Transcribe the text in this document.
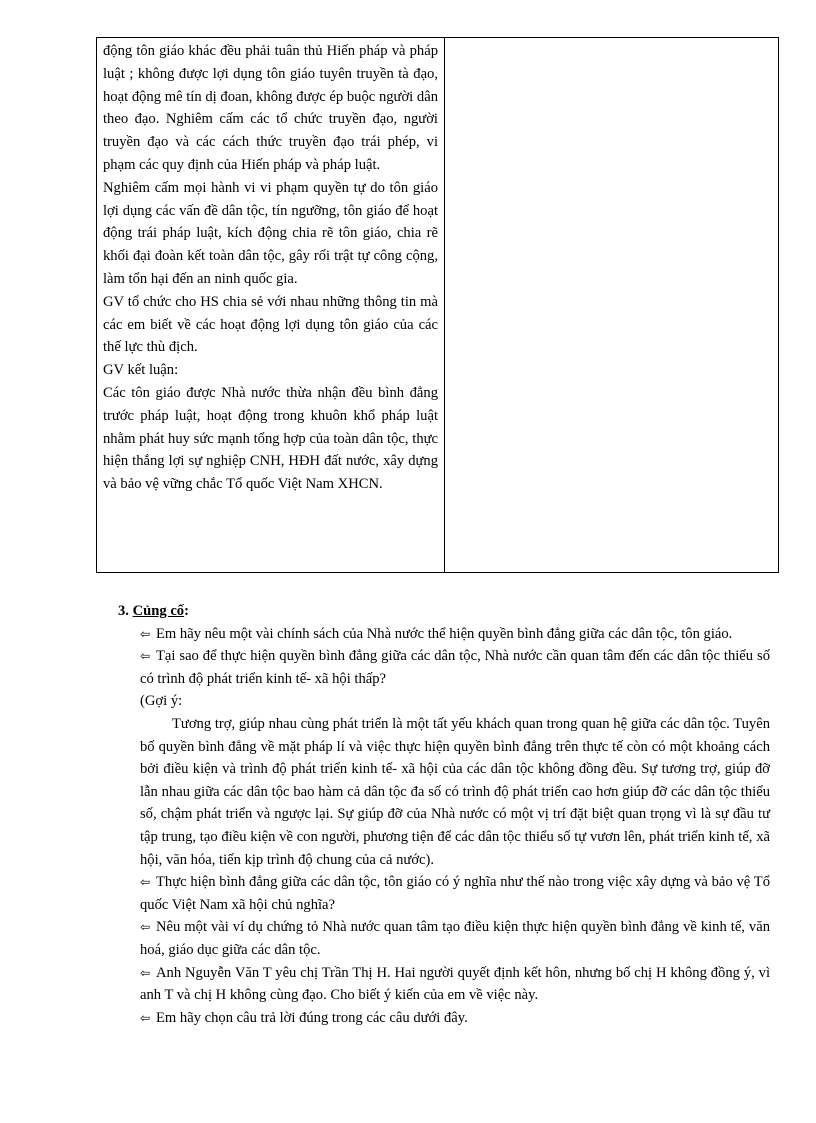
động tôn giáo khác đều phải tuân thủ Hiến pháp và pháp luật ; không được lợi dụng tôn giáo tuyên truyền tà đạo, hoạt động mê tín dị đoan, không được ép buộc người dân theo đạo. Nghiêm cấm các tổ chức truyền đạo, người truyền đạo và các cách thức truyền đạo trái phép, vi phạm các quy định của Hiến pháp và pháp luật.

Nghiêm cấm mọi hành vi vi phạm quyền tự do tôn giáo lợi dụng các vấn đề dân tộc, tín ngưỡng, tôn giáo để hoạt động trái pháp luật, kích động chia rẽ tôn giáo, chia rẽ khối đại đoàn kết toàn dân tộc, gây rối trật tự công cộng, làm tổn hại đến an ninh quốc gia.

GV tổ chức cho HS chia sẻ với nhau những thông tin mà các em biết về các hoạt động lợi dụng tôn giáo của các thế lực thù địch.

GV kết luận:

Các tôn giáo được Nhà nước thừa nhận đều bình đẳng trước pháp luật, hoạt động trong khuôn khổ pháp luật nhằm phát huy sức mạnh tổng hợp của toàn dân tộc, thực hiện thắng lợi sự nghiệp CNH, HĐH đất nước, xây dựng và bảo vệ vững chắc Tổ quốc Việt Nam XHCN.

3. Củng cố:

⇦ Em hãy nêu một vài chính sách của Nhà nước thể hiện quyền bình đẳng giữa các dân tộc, tôn giáo.

⇦ Tại sao để thực hiện quyền bình đẳng giữa các dân tộc, Nhà nước cần quan tâm đến các dân tộc thiểu số có trình độ phát triển kinh tế- xã hội thấp?

(Gợi ý:

Tương trợ, giúp nhau cùng phát triển là một tất yếu khách quan trong quan hệ giữa các dân tộc. Tuyên bố quyền bình đẳng về mặt pháp lí và việc thực hiện quyền bình đẳng trên thực tế còn có một khoảng cách bởi điều kiện và trình độ phát triển kinh tế- xã hội của các dân tộc không đồng đều. Sự tương trợ, giúp đỡ lẫn nhau giữa các dân tộc bao hàm cả dân tộc đa số có trình độ phát triển cao hơn giúp đỡ các dân tộc thiểu số, chậm phát triển và ngược lại. Sự giúp đỡ của Nhà nước có một vị trí đặt biệt quan trọng vì là sự đầu tư tập trung, tạo điều kiện về con người, phương tiện để các dân tộc thiểu số tự vươn lên, phát triển kinh tế, xã hội, văn hóa, tiến kịp trình độ chung của cả nước).

⇦ Thực hiện bình đẳng giữa các dân tộc, tôn giáo có ý nghĩa như thế nào trong việc xây dựng và bảo vệ Tổ quốc Việt Nam xã hội chủ nghĩa?

⇦ Nêu một vài ví dụ chứng tỏ Nhà nước quan tâm tạo điều kiện thực hiện quyền bình đẳng về kinh tế, văn hoá, giáo dục giữa các dân tộc.

⇦ Anh Nguyễn Văn T yêu chị Trần Thị H. Hai người quyết định kết hôn, nhưng bố chị H không đồng ý, vì anh T và chị H không cùng đạo. Cho biết ý kiến của em về việc này.

⇦ Em hãy chọn câu trả lời đúng trong các câu dưới đây.
